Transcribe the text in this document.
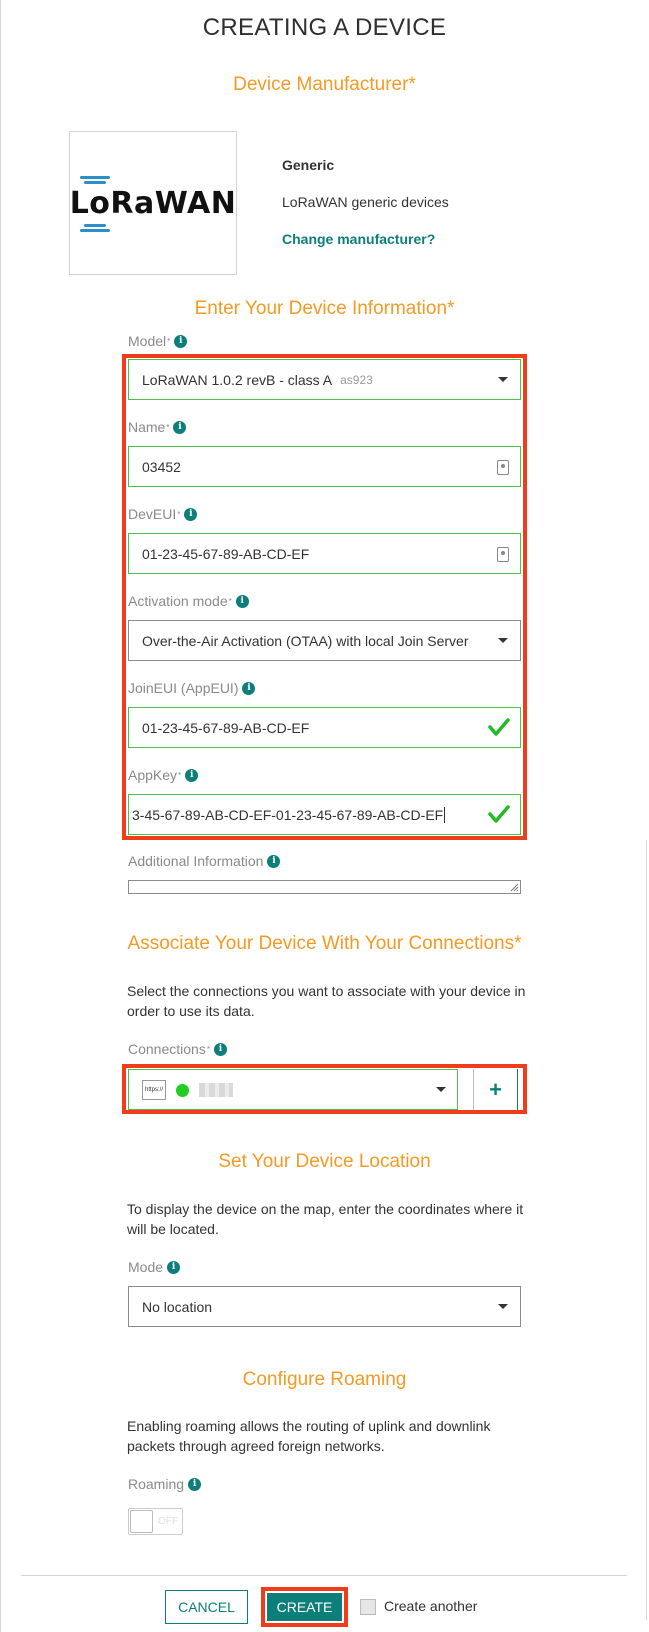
CREATING A DEVICE
Device Manufacturer*
LoRaWAN
Generic
LoRaWAN generic devices
Change manufacturer?
Enter Your Device Information*
Model * i
LoRaWAN 1.0.2 revB - class A as923
Name * i
03452
DevEUI * i
01-23-45-67-89-AB-CD-EF
Activation mode * i
Over-the-Air Activation (OTAA) with local Join Server
JoinEUI (AppEUI) i
01-23-45-67-89-AB-CD-EF
AppKey * i
3-45-67-89-AB-CD-EF-01-23-45-67-89-AB-CD-EF
Additional Information i
Associate Your Device With Your Connections*
Select the connections you want to associate with your device in order to use its data.
Connections * i
https://	+
Set Your Device Location
To display the device on the map, enter the coordinates where it will be located.
Mode i
No location
Configure Roaming
Enabling roaming allows the routing of uplink and downlink packets through agreed foreign networks.
Roaming i
OFF
CANCEL	CREATE	Create another
